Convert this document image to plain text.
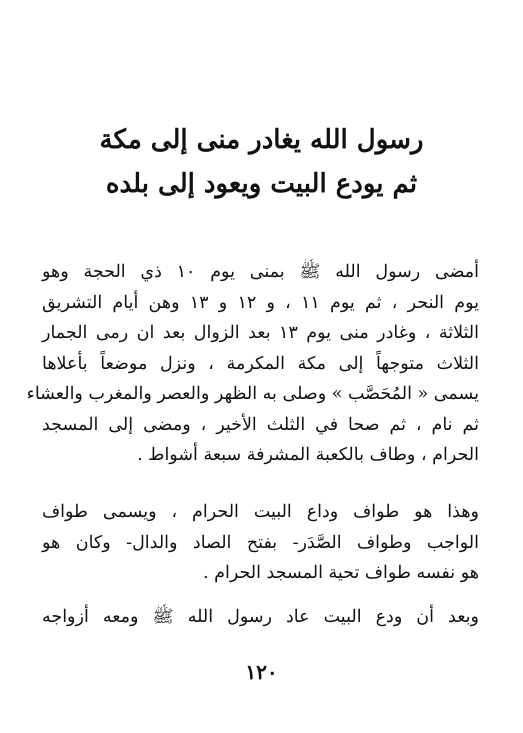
رسول الله يغادر منى إلى مكة
ثم يودع البيت ويعود إلى بلده
أمضى رسول الله ﷺ بمنى يوم ١٠ ذي الحجة وهو
يوم النحر ، ثم يوم ١١ ، و ١٢ و ١٣ وهن أيام التشريق
الثلاثة ، وغادر منى يوم ١٣ بعد الزوال بعد ان رمى الجمار
الثلاث متوجهاً إلى مكة المكرمة ، ونزل موضعاً بأعلاها
يسمى « المُحَصَّب » وصلى به الظهر والعصر والمغرب والعشاء
ثم نام ، ثم صحا في الثلث الأخير ، ومضى إلى المسجد
الحرام ، وطاف بالكعبة المشرفة سبعة أشواط .
وهذا هو طواف وداع البيت الحرام ، ويسمى طواف
الواجب وطواف الصَّدَر- بفتح الصاد والدال- وكان هو
هو نفسه طواف تحية المسجد الحرام .
وبعد أن ودع البيت عاد رسول الله ﷺ ومعه أزواجه
١٢٠
